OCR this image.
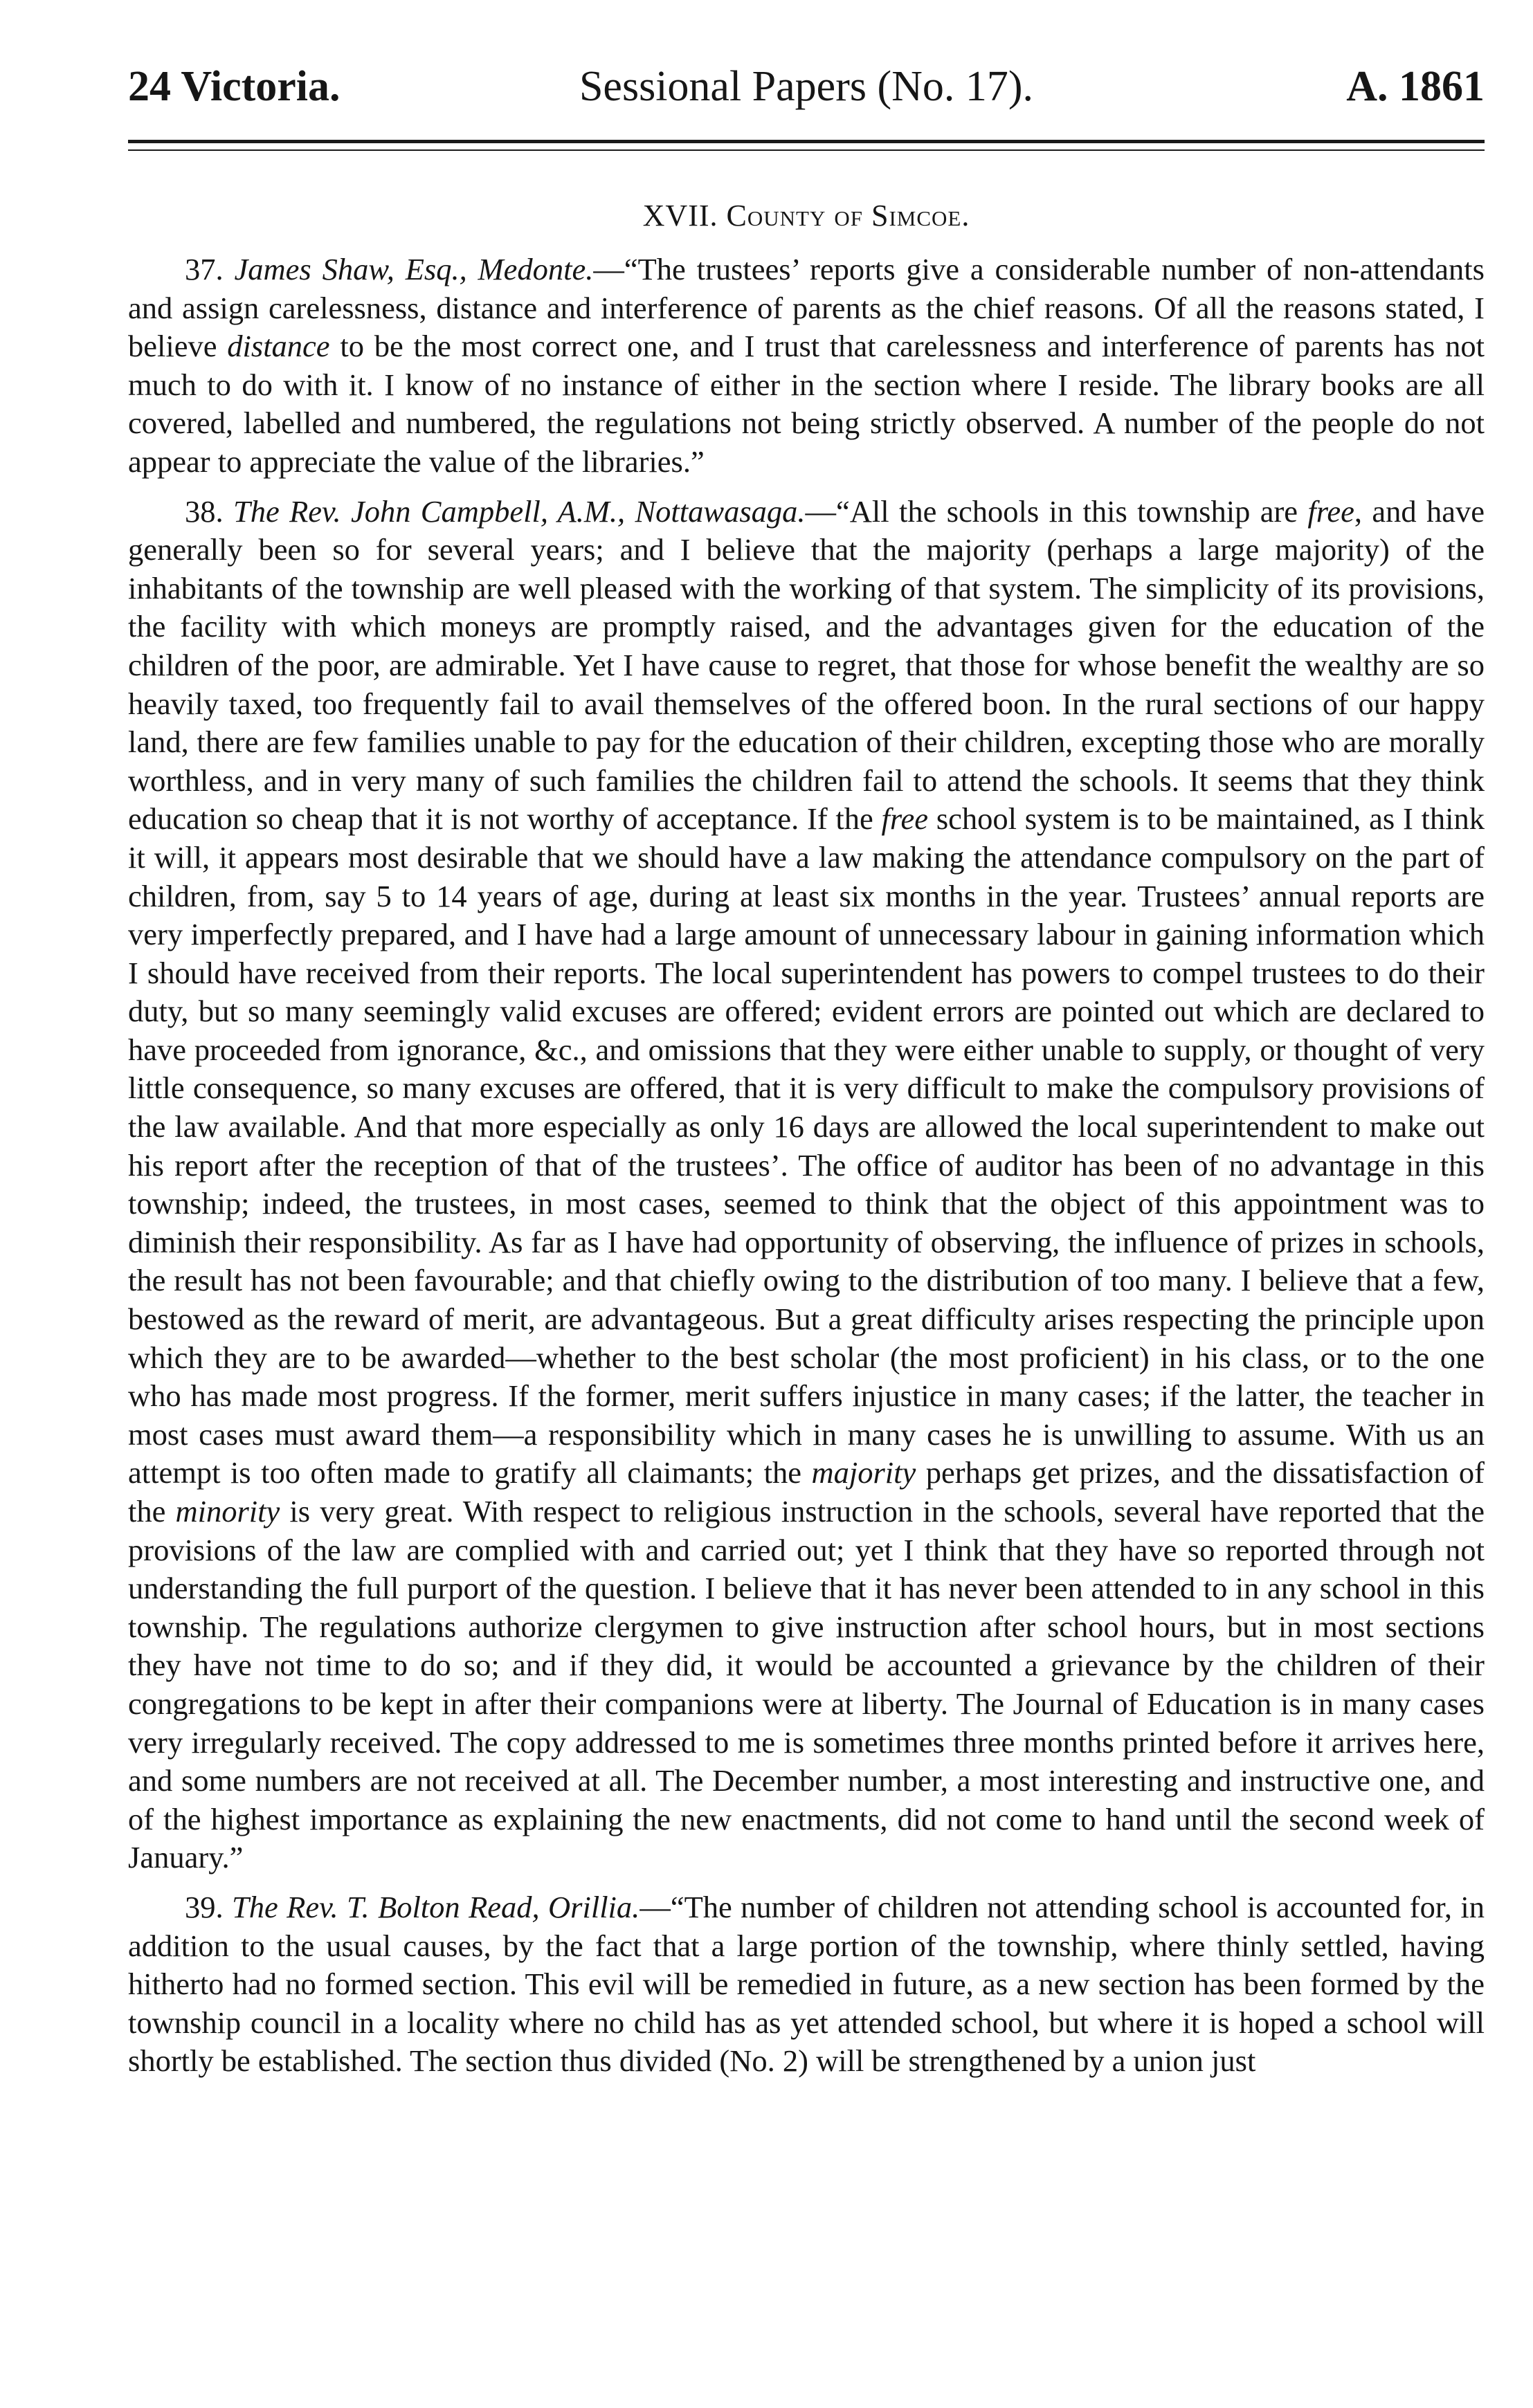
24 Victoria.	Sessional Papers (No. 17).	A. 1861
XVII. County of Simcoe.

37. James Shaw, Esq., Medonte.—“The trustees’ reports give a considerable number of non-attendants and assign carelessness, distance and interference of parents as the chief reasons. Of all the reasons stated, I believe distance to be the most correct one, and I trust that carelessness and interference of parents has not much to do with it. I know of no instance of either in the section where I reside. The library books are all covered, labelled and numbered, the regulations not being strictly observed. A number of the people do not appear to appreciate the value of the libraries.”

38. The Rev. John Campbell, A.M., Nottawasaga.—“All the schools in this township are free, and have generally been so for several years; and I believe that the majority (perhaps a large majority) of the inhabitants of the township are well pleased with the working of that system. The simplicity of its provisions, the facility with which moneys are promptly raised, and the advantages given for the education of the children of the poor, are admirable. Yet I have cause to regret, that those for whose benefit the wealthy are so heavily taxed, too frequently fail to avail themselves of the offered boon. In the rural sections of our happy land, there are few families unable to pay for the education of their children, excepting those who are morally worthless, and in very many of such families the children fail to attend the schools. It seems that they think education so cheap that it is not worthy of acceptance. If the free school system is to be maintained, as I think it will, it appears most desirable that we should have a law making the attendance compulsory on the part of children, from, say 5 to 14 years of age, during at least six months in the year. Trustees’ annual reports are very imperfectly prepared, and I have had a large amount of unnecessary labour in gaining information which I should have received from their reports. The local superintendent has powers to compel trustees to do their duty, but so many seemingly valid excuses are offered; evident errors are pointed out which are declared to have proceeded from ignorance, &c., and omissions that they were either unable to supply, or thought of very little consequence, so many excuses are offered, that it is very difficult to make the compulsory provisions of the law available. And that more especially as only 16 days are allowed the local superintendent to make out his report after the reception of that of the trustees’. The office of auditor has been of no advantage in this township; indeed, the trustees, in most cases, seemed to think that the object of this appointment was to diminish their responsibility. As far as I have had opportunity of observing, the influence of prizes in schools, the result has not been favourable; and that chiefly owing to the distribution of too many. I believe that a few, bestowed as the reward of merit, are advantageous. But a great difficulty arises respecting the principle upon which they are to be awarded—whether to the best scholar (the most proficient) in his class, or to the one who has made most progress. If the former, merit suffers injustice in many cases; if the latter, the teacher in most cases must award them—a responsibility which in many cases he is unwilling to assume. With us an attempt is too often made to gratify all claimants; the majority perhaps get prizes, and the dissatisfaction of the minority is very great. With respect to religious instruction in the schools, several have reported that the provisions of the law are complied with and carried out; yet I think that they have so reported through not understanding the full purport of the question. I believe that it has never been attended to in any school in this township. The regulations authorize clergymen to give instruction after school hours, but in most sections they have not time to do so; and if they did, it would be accounted a grievance by the children of their congregations to be kept in after their companions were at liberty. The Journal of Education is in many cases very irregularly received. The copy addressed to me is sometimes three months printed before it arrives here, and some numbers are not received at all. The December number, a most interesting and instructive one, and of the highest importance as explaining the new enactments, did not come to hand until the second week of January.”

39. The Rev. T. Bolton Read, Orillia.—“The number of children not attending school is accounted for, in addition to the usual causes, by the fact that a large portion of the township, where thinly settled, having hitherto had no formed section. This evil will be remedied in future, as a new section has been formed by the township council in a locality where no child has as yet attended school, but where it is hoped a school will shortly be established. The section thus divided (No. 2) will be strengthened by a union just
